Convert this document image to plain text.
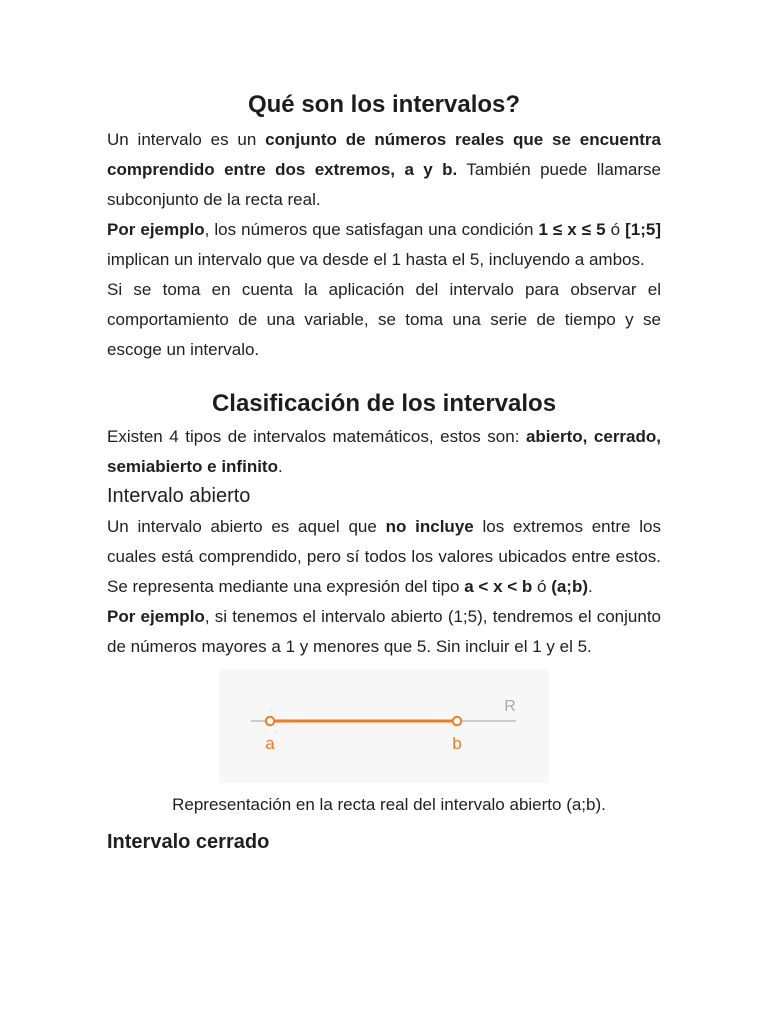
Qué son los intervalos?

Un intervalo es un conjunto de números reales que se encuentra comprendido entre dos extremos, a y b. También puede llamarse subconjunto de la recta real.

Por ejemplo, los números que satisfagan una condición 1 ≤ x ≤ 5 ó [1;5] implican un intervalo que va desde el 1 hasta el 5, incluyendo a ambos.

Si se toma en cuenta la aplicación del intervalo para observar el comportamiento de una variable, se toma una serie de tiempo y se escoge un intervalo.

Clasificación de los intervalos

Existen 4 tipos de intervalos matemáticos, estos son: abierto, cerrado, semiabierto e infinito.

Intervalo abierto

Un intervalo abierto es aquel que no incluye los extremos entre los cuales está comprendido, pero sí todos los valores ubicados entre estos. Se representa mediante una expresión del tipo a < x < b ó (a;b).

Por ejemplo, si tenemos el intervalo abierto (1;5), tendremos el conjunto de números mayores a 1 y menores que 5. Sin incluir el 1 y el 5.

a	b
R
Representación en la recta real del intervalo abierto (a;b).
Intervalo cerrado
